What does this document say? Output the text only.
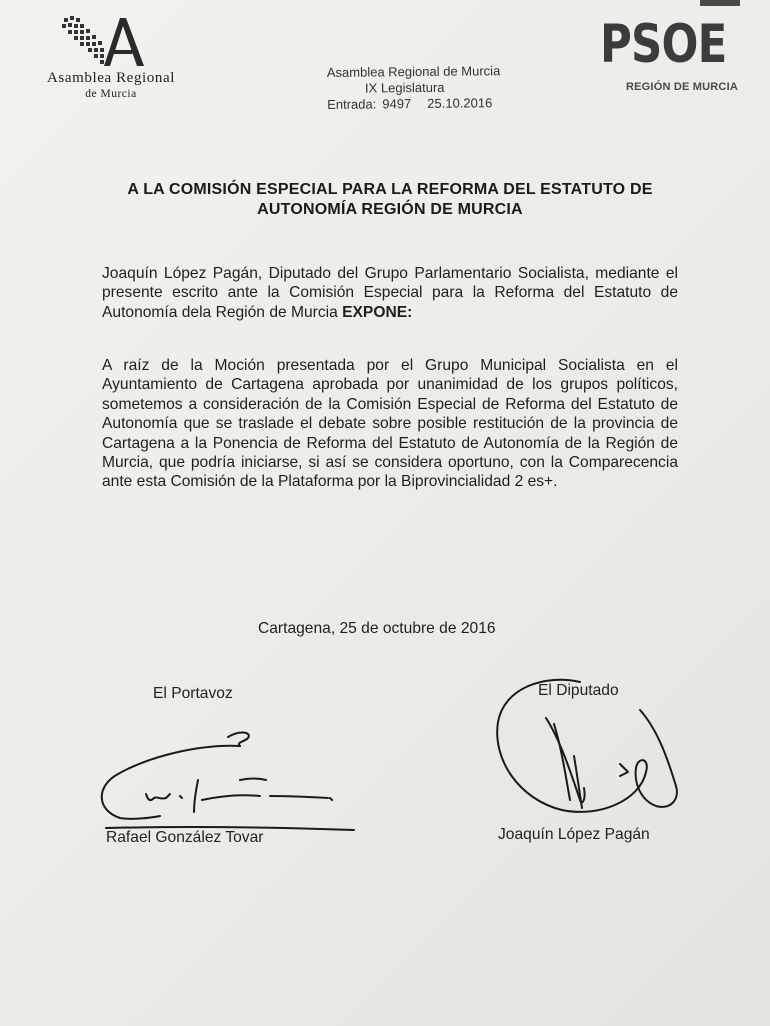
Asamblea Regional
de Murcia
Asamblea Regional de Murcia
IX Legislatura
Entrada: 9497 25.10.2016
PSOE
REGIÓN DE MURCIA
A LA COMISIÓN ESPECIAL PARA LA REFORMA DEL ESTATUTO DE
AUTONOMÍA REGIÓN DE MURCIA
Joaquín López Pagán, Diputado del Grupo Parlamentario Socialista, mediante el presente escrito ante la Comisión Especial para la Reforma del Estatuto de Autonomía dela Región de Murcia EXPONE:
A raíz de la Moción presentada por el Grupo Municipal Socialista en el Ayuntamiento de Cartagena aprobada por unanimidad de los grupos políticos, sometemos a consideración de la Comisión Especial de Reforma del Estatuto de Autonomía que se traslade el debate sobre posible restitución de la provincia de Cartagena a la Ponencia de Reforma del Estatuto de Autonomía de la Región de Murcia, que podría iniciarse, si así se considera oportuno, con la Comparecencia ante esta Comisión de la Plataforma por la Biprovincialidad 2 es+.
Cartagena, 25 de octubre de 2016
El Portavoz	El Diputado
Rafael González Tovar	Joaquín López Pagán
